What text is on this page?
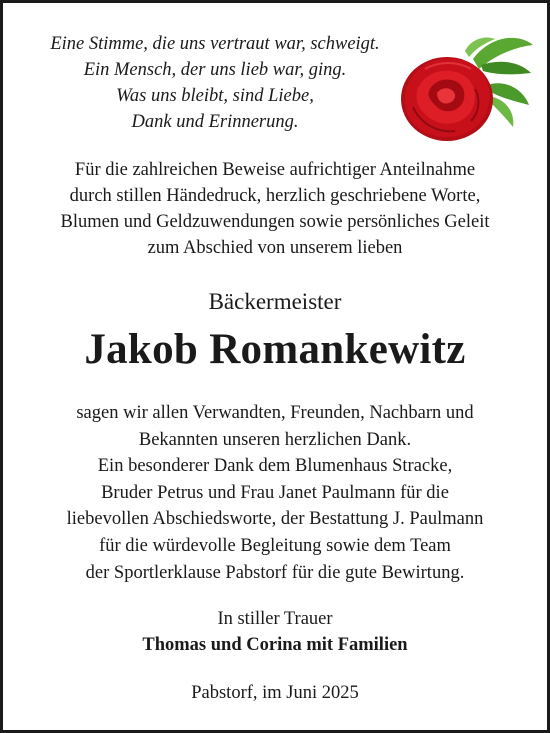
Eine Stimme, die uns vertraut war, schweigt.
Ein Mensch, der uns lieb war, ging.
Was uns bleibt, sind Liebe,
Dank und Erinnerung.
Für die zahlreichen Beweise aufrichtiger Anteilnahme
durch stillen Händedruck, herzlich geschriebene Worte,
Blumen und Geldzuwendungen sowie persönliches Geleit
zum Abschied von unserem lieben
Bäckermeister
Jakob Romankewitz
sagen wir allen Verwandten, Freunden, Nachbarn und
Bekannten unseren herzlichen Dank.
Ein besonderer Dank dem Blumenhaus Stracke,
Bruder Petrus und Frau Janet Paulmann für die
liebevollen Abschiedsworte, der Bestattung J. Paulmann
für die würdevolle Begleitung sowie dem Team
der Sportlerklause Pabstorf für die gute Bewirtung.
In stiller Trauer
Thomas und Corina mit Familien
Pabstorf, im Juni 2025
